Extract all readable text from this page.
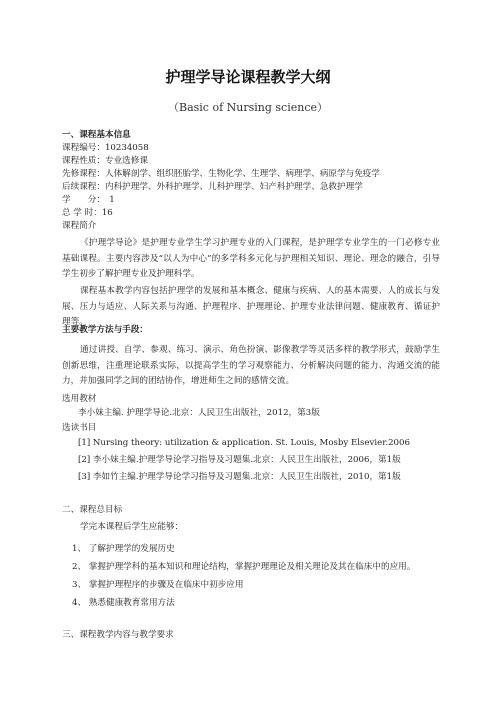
护理学导论课程教学大纲
（Basic of Nursing science）
一、课程基本信息
课程编号：10234058
课程性质：专业选修课
先修课程：人体解剖学、组织胚胎学、生物化学、生理学、病理学、病原学与免疫学
后续课程：内科护理学、外科护理学、儿科护理学、妇产科护理学、急救护理学
学　　分：　1
总 学 时：16
课程简介
《护理学导论》是护理专业学生学习护理专业的入门课程，是护理学专业学生的一门必修专业基础课程。主要内容涉及“以人为中心”的多学科多元化与护理相关知识、理论、理念的融合，引导学生初步了解护理专业及护理科学。
课程基本教学内容包括护理学的发展和基本概念、健康与疾病、人的基本需要、人的成长与发展、压力与适应、人际关系与沟通、护理程序、护理理论、护理专业法律问题、健康教育、循证护理等。
主要教学方法与手段：
通过讲授、自学、参观、练习、演示、角色扮演、影像教学等灵活多样的教学形式，鼓励学生创新思维，注重理论联系实际，以提高学生的学习观察能力、分析解决问题的能力、沟通交流的能力，并加强同学之间的团结协作，增进师生之间的感情交流。
选用教材
李小妹主编. 护理学导论.北京：人民卫生出版社，2012，第3版
选读书目
[1] Nursing theory: utilization & application. St. Louis, Mosby Elsevier.2006
[2] 李小妹主编.护理学导论学习指导及习题集.北京：人民卫生出版社，2006，第1版
[3] 李如竹主编.护理学导论学习指导及习题集.北京：人民卫生出版社，2010，第1版
二、课程总目标
学完本课程后学生应能够：
1、 了解护理学的发展历史
2、 掌握护理学科的基本知识和理论结构，掌握护理理论及相关理论及其在临床中的应用。
3、 掌握护理程序的步骤及在临床中初步应用
4、 熟悉健康教育常用方法
三、课程教学内容与教学要求
